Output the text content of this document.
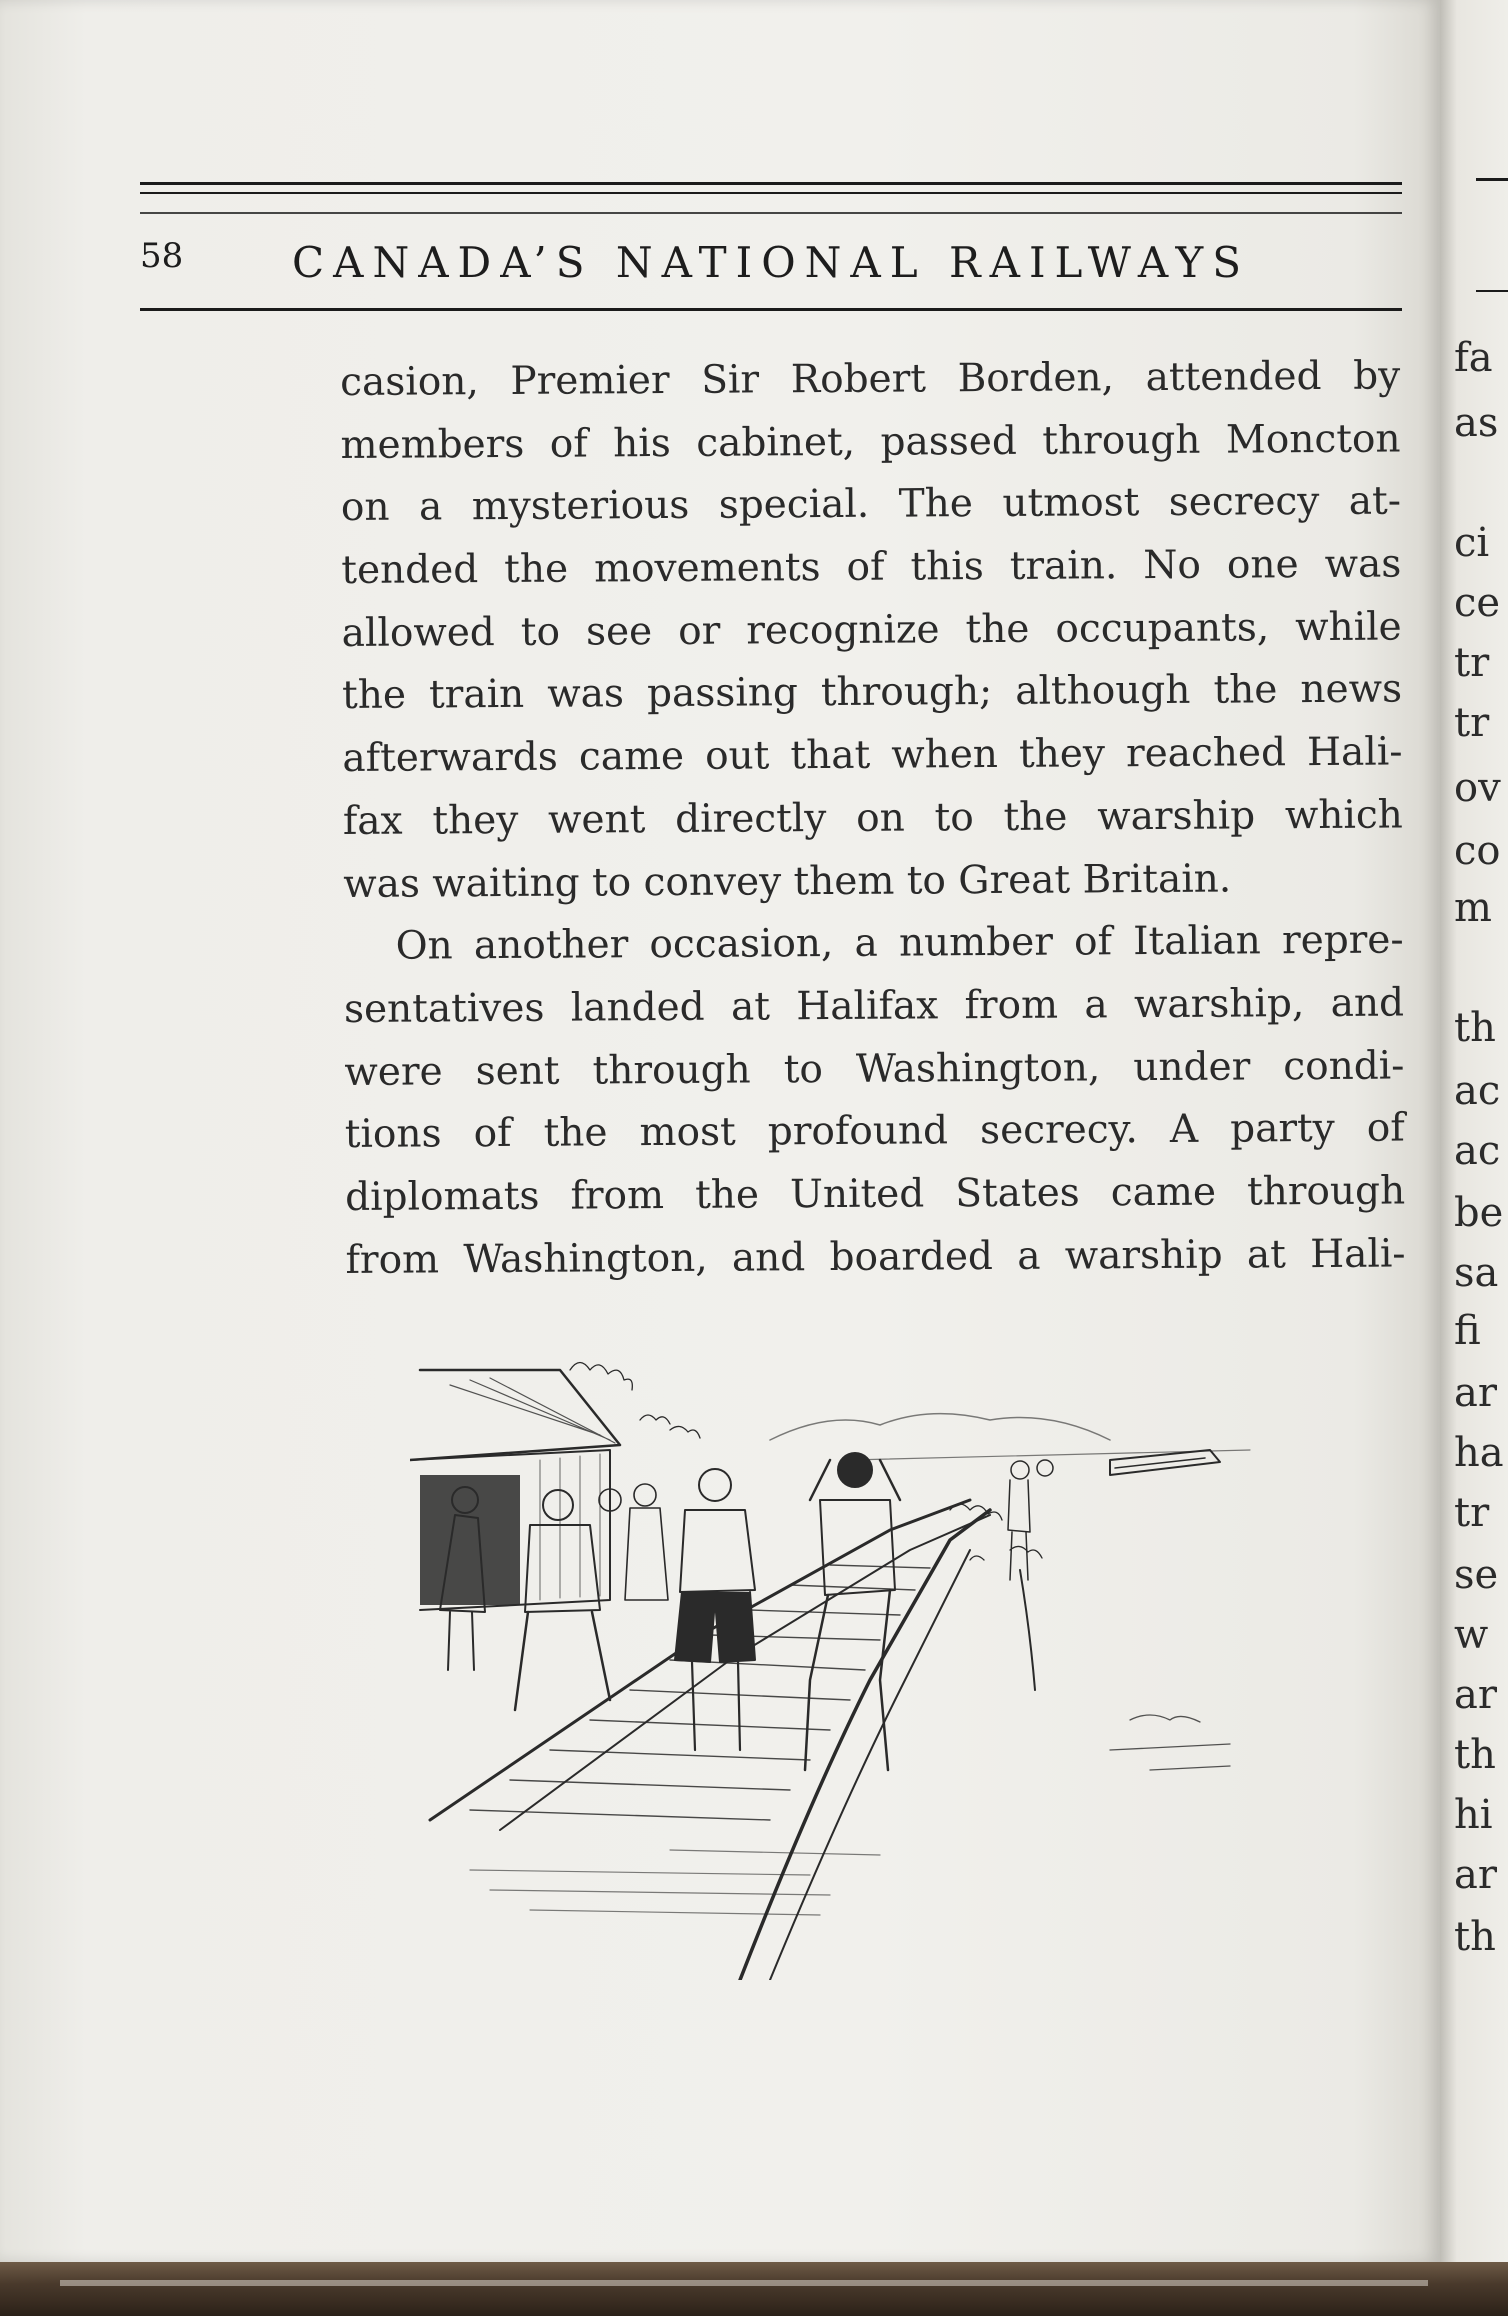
58	CANADA’S NATIONAL RAILWAYS
casion, Premier Sir Robert Borden, attended by
members of his cabinet, passed through Moncton
on a mysterious special. The utmost secrecy at-
tended the movements of this train. No one was
allowed to see or recognize the occupants, while
the train was passing through; although the news
afterwards came out that when they reached Hali-
fax they went directly on to the warship which
was waiting to convey them to Great Britain.
On another occasion, a number of Italian repre-
sentatives landed at Halifax from a warship, and
were sent through to Washington, under condi-
tions of the most profound secrecy. A party of
diplomats from the United States came through
from Washington, and boarded a warship at Hali-
fa
as
ci
ce
tr
tr
ov
co
m
th
ac
ac
be
sa
fi
ar
ha
tr
se
w
ar
th
hi
ar
th
